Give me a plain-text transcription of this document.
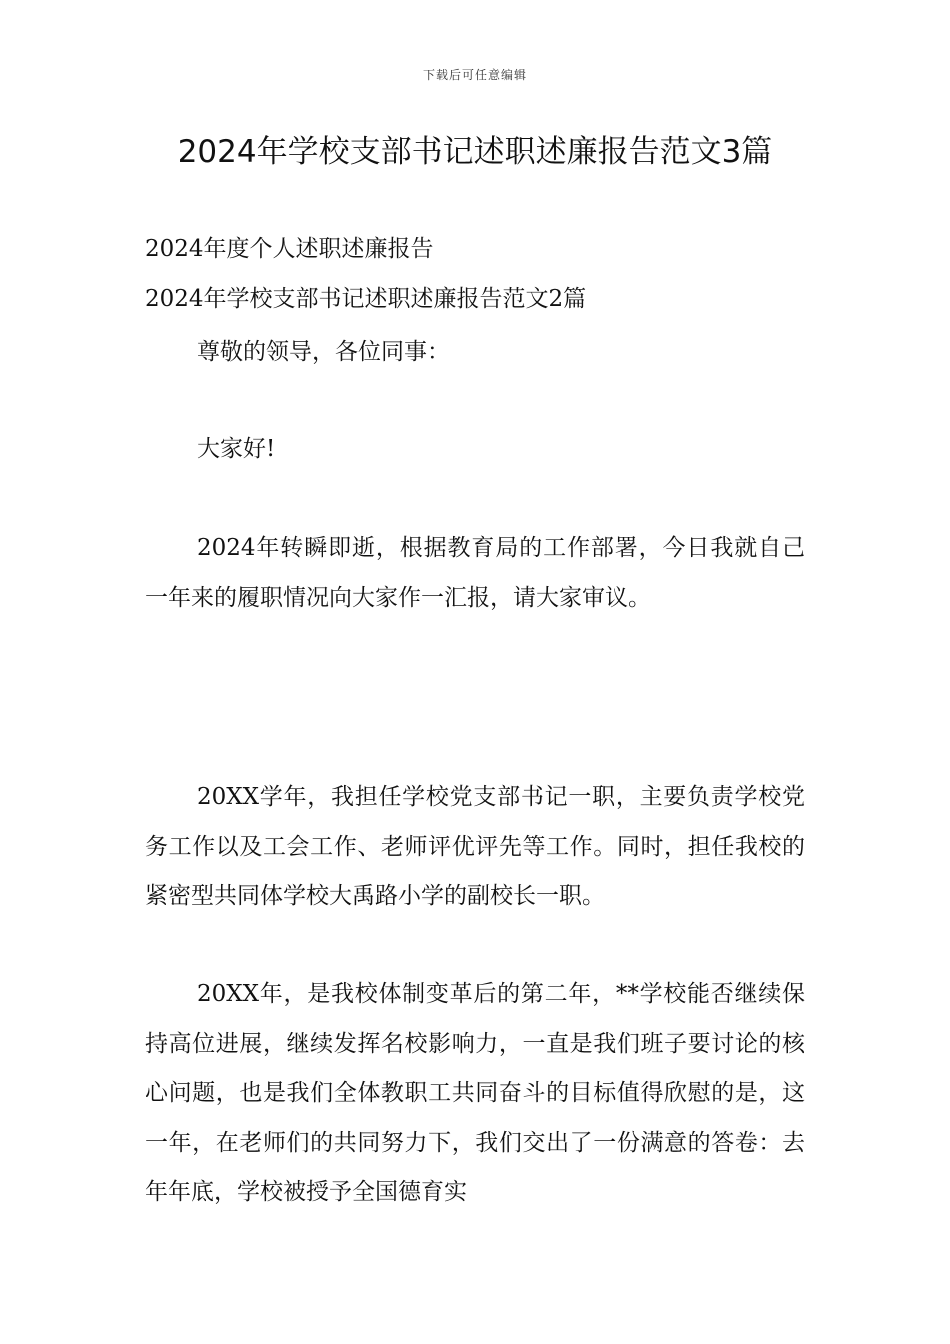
下载后可任意编辑
2024年学校支部书记述职述廉报告范文3篇
2024年度个人述职述廉报告
2024年学校支部书记述职述廉报告范文2篇
尊敬的领导，各位同事：
大家好!
2024年转瞬即逝，根据教育局的工作部署，今日我就自己一年来的履职情况向大家作一汇报，请大家审议。
20XX学年，我担任学校党支部书记一职，主要负责学校党务工作以及工会工作、老师评优评先等工作。同时，担任我校的紧密型共同体学校大禹路小学的副校长一职。
20XX年，是我校体制变革后的第二年，**学校能否继续保持高位进展，继续发挥名校影响力，一直是我们班子要讨论的核心问题，也是我们全体教职工共同奋斗的目标值得欣慰的是，这一年，在老师们的共同努力下，我们交出了一份满意的答卷：去年年底，学校被授予全国德育实
